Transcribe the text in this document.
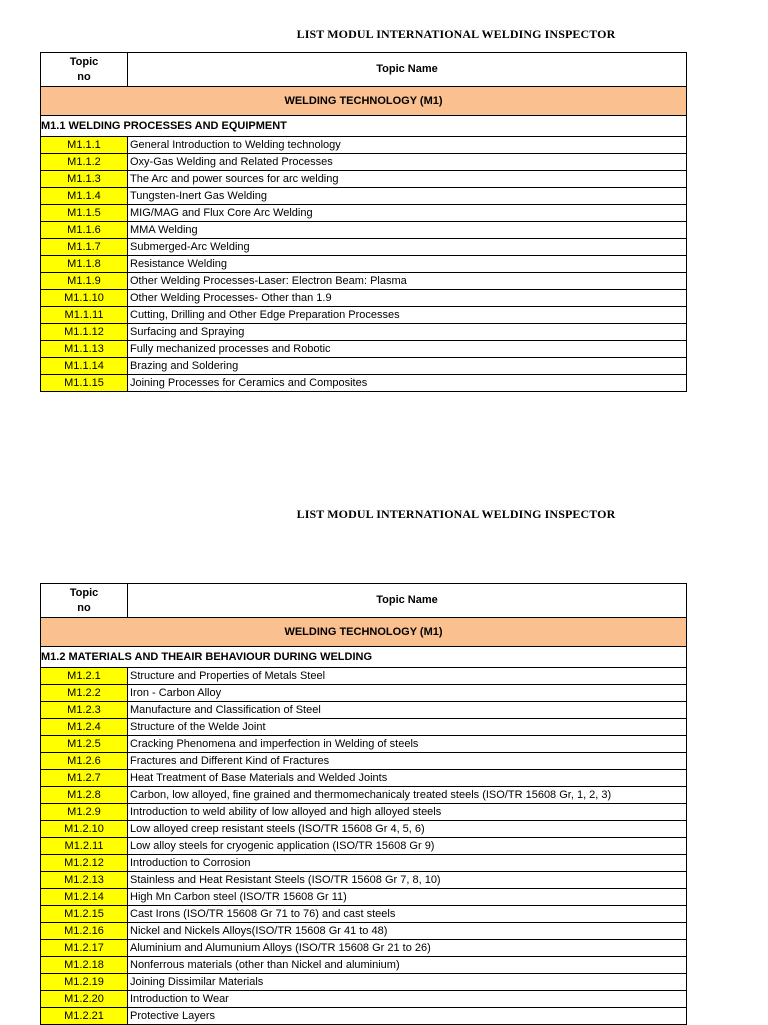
LIST MODUL INTERNATIONAL WELDING INSPECTOR
Topic
no	Topic Name
WELDING TECHNOLOGY (M1)	
M1.1 WELDING PROCESSES AND EQUIPMENT	
M1.1.1	General Introduction to Welding technology
M1.1.2	Oxy-Gas Welding and Related Processes
M1.1.3	The Arc and power sources for arc welding
M1.1.4	Tungsten-Inert Gas Welding
M1.1.5	MIG/MAG and Flux Core Arc Welding
M1.1.6	MMA Welding
M1.1.7	Submerged-Arc Welding
M1.1.8	Resistance Welding
M1.1.9	Other Welding Processes-Laser: Electron Beam: Plasma
M1.1.10	Other Welding Processes- Other than 1.9
M1.1.11	Cutting, Drilling and Other Edge Preparation Processes
M1.1.12	Surfacing and Spraying
M1.1.13	Fully mechanized processes and Robotic
M1.1.14	Brazing and Soldering
M1.1.15	Joining Processes for Ceramics and Composites
LIST MODUL INTERNATIONAL WELDING INSPECTOR
Topic
no	Topic Name
WELDING TECHNOLOGY (M1)	
M1.2 MATERIALS AND THEAIR BEHAVIOUR DURING WELDING	
M1.2.1	Structure and Properties of Metals Steel
M1.2.2	Iron - Carbon Alloy
M1.2.3	Manufacture and Classification of Steel
M1.2.4	Structure of the Welde Joint
M1.2.5	Cracking Phenomena and imperfection in Welding of steels
M1.2.6	Fractures and Different Kind of Fractures
M1.2.7	Heat Treatment of Base Materials and Welded Joints
M1.2.8	Carbon, low alloyed, fine grained and thermomechanicaly treated steels (ISO/TR 15608 Gr, 1, 2, 3)
M1.2.9	Introduction to weld ability of low alloyed and high alloyed steels
M1.2.10	Low alloyed creep resistant steels (ISO/TR 15608 Gr 4, 5, 6)
M1.2.11	Low alloy steels for cryogenic application (ISO/TR 15608 Gr 9)
M1.2.12	Introduction to Corrosion
M1.2.13	Stainless and Heat Resistant Steels (ISO/TR 15608 Gr 7, 8, 10)
M1.2.14	High Mn Carbon steel (ISO/TR 15608 Gr 11)
M1.2.15	Cast Irons (ISO/TR 15608 Gr 71 to 76) and cast steels
M1.2.16	Nickel and Nickels Alloys(ISO/TR 15608 Gr 41 to 48)
M1.2.17	Aluminium and Alumunium Alloys (ISO/TR 15608 Gr 21 to 26)
M1.2.18	Nonferrous materials (other than Nickel and aluminium)
M1.2.19	Joining Dissimilar Materials
M1.2.20	Introduction to Wear
M1.2.21	Protective Layers
